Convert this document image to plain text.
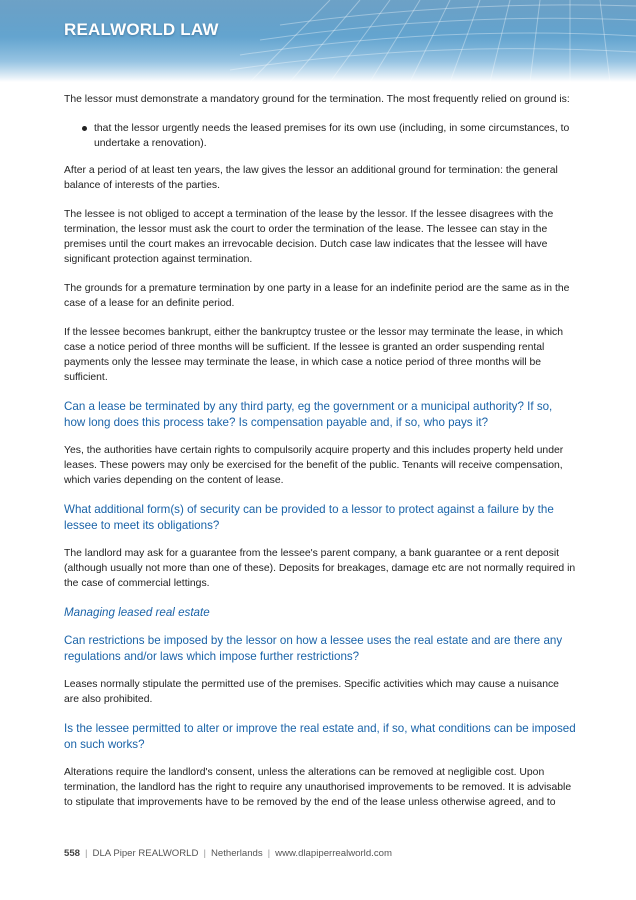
REALWORLD LAW

The lessor must demonstrate a mandatory ground for the termination. The most frequently relied on ground is:

that the lessor urgently needs the leased premises for its own use (including, in some circumstances, to undertake a renovation).

After a period of at least ten years, the law gives the lessor an additional ground for termination: the general balance of interests of the parties.

The lessee is not obliged to accept a termination of the lease by the lessor. If the lessee disagrees with the termination, the lessor must ask the court to order the termination of the lease. The lessee can stay in the premises until the court makes an irrevocable decision. Dutch case law indicates that the lessee will have significant protection against termination.

The grounds for a premature termination by one party in a lease for an indefinite period are the same as in the case of a lease for an definite period.

If the lessee becomes bankrupt, either the bankruptcy trustee or the lessor may terminate the lease, in which case a notice period of three months will be sufficient. If the lessee is granted an order suspending rental payments only the lessee may terminate the lease, in which case a notice period of three months will be sufficient.

Can a lease be terminated by any third party, eg the government or a municipal authority? If so, how long does this process take? Is compensation payable and, if so, who pays it?

Yes, the authorities have certain rights to compulsorily acquire property and this includes property held under leases. These powers may only be exercised for the benefit of the public. Tenants will receive compensation, which varies depending on the content of lease.

What additional form(s) of security can be provided to a lessor to protect against a failure by the lessee to meet its obligations?

The landlord may ask for a guarantee from the lessee's parent company, a bank guarantee or a rent deposit (although usually not more than one of these). Deposits for breakages, damage etc are not normally required in the case of commercial lettings.

Managing leased real estate
Can restrictions be imposed by the lessor on how a lessee uses the real estate and are there any regulations and/or laws which impose further restrictions?

Leases normally stipulate the permitted use of the premises. Specific activities which may cause a nuisance are also prohibited.

Is the lessee permitted to alter or improve the real estate and, if so, what conditions can be imposed on such works?

Alterations require the landlord's consent, unless the alterations can be removed at negligible cost. Upon termination, the landlord has the right to require any unauthorised improvements to be removed. It is advisable to stipulate that improvements have to be removed by the end of the lease unless otherwise agreed, and to

558 | DLA Piper REALWORLD | Netherlands | www.dlapiperrealworld.com
